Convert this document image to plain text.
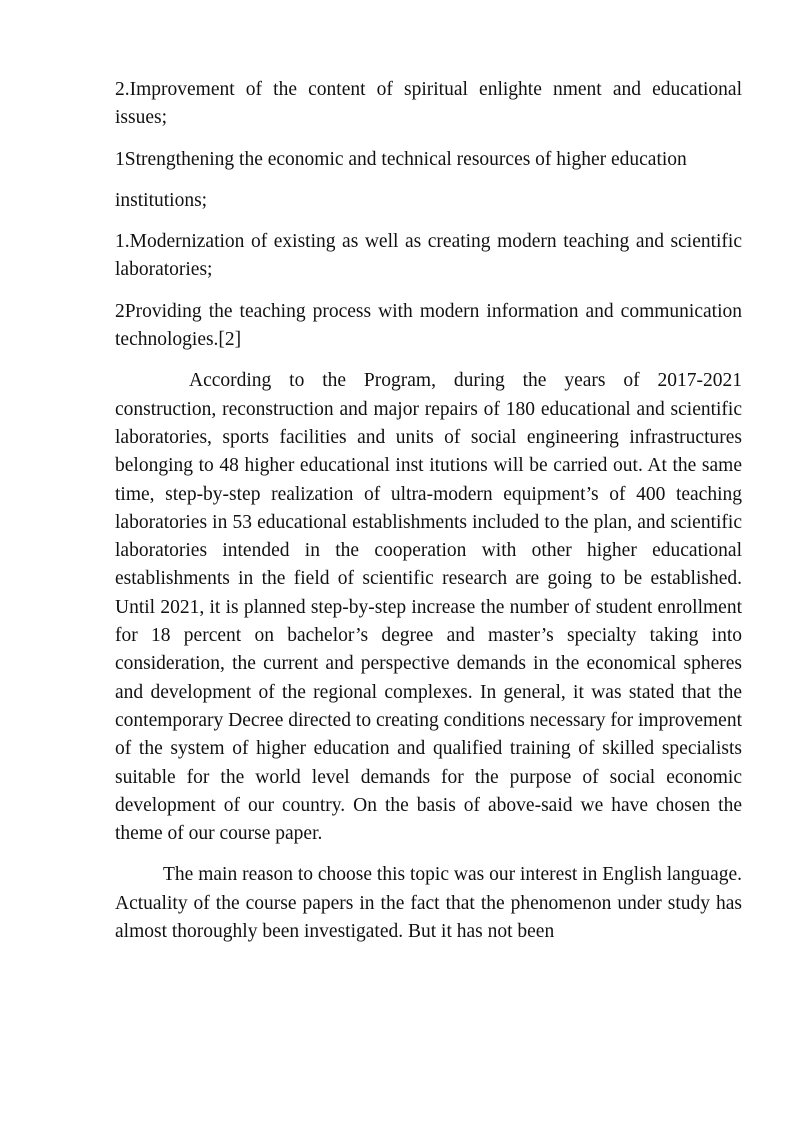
2.Improvement of the content of spiritual enlighte nment and educational issues;

1Strengthening the economic and technical resources of higher education

institutions;

1.Modernization of existing as well as creating modern teaching and scientific laboratories;

2Providing the teaching process with modern information and communication technologies.[2]

According to the Program, during the years of 2017-2021 construction, reconstruction and major repairs of 180 educational and scientific laboratories, sports facilities and units of social engineering infrastructures belonging to 48 higher educational inst itutions will be carried out. At the same time, step-by-step realization of ultra-modern equipment’s of 400 teaching laboratories in 53 educational establishments included to the plan, and scientific laboratories intended in the cooperation with other higher educational establishments in the field of scientific research are going to be established. Until 2021, it is planned step-by-step increase the number of student enrollment for 18 percent on bachelor’s degree and master’s specialty taking into consideration, the current and perspective demands in the economical spheres and development of the regional complexes. In general, it was stated that the contemporary Decree directed to creating conditions necessary for improvement of the system of higher education and qualified training of skilled specialists suitable for the world level demands for the purpose of social economic development of our country. On the basis of above-said we have chosen the theme of our course paper.

The main reason to choose this topic was our interest in English language. Actuality of the course papers in the fact that the phenomenon under study has almost thoroughly been investigated. But it has not been
